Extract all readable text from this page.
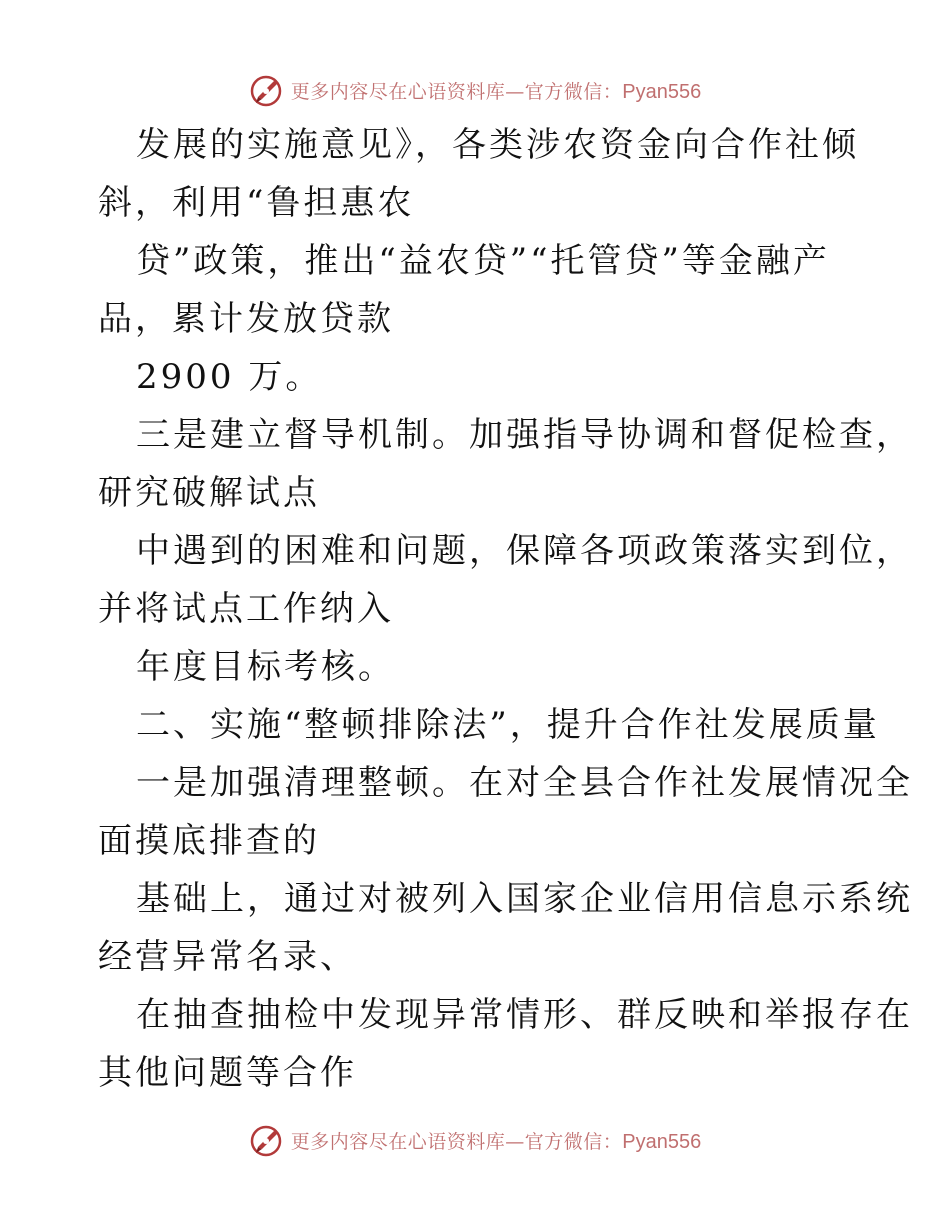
更多内容尽在心语资料库—官方微信：Pyan556
发展的实施意见》，各类涉农资金向合作社倾
斜，利用“鲁担惠农
贷”政策，推出“益农贷”“托管贷”等金融产
品，累计发放贷款
2900 万。
三是建立督导机制。加强指导协调和督促检查，
研究破解试点
中遇到的困难和问题，保障各项政策落实到位，
并将试点工作纳入
年度目标考核。
二、实施“整顿排除法”，提升合作社发展质量
一是加强清理整顿。在对全县合作社发展情况全
面摸底排查的
基础上，通过对被列入国家企业信用信息示系统
经营异常名录、
在抽查抽检中发现异常情形、群反映和举报存在
其他问题等合作
更多内容尽在心语资料库—官方微信：Pyan556
